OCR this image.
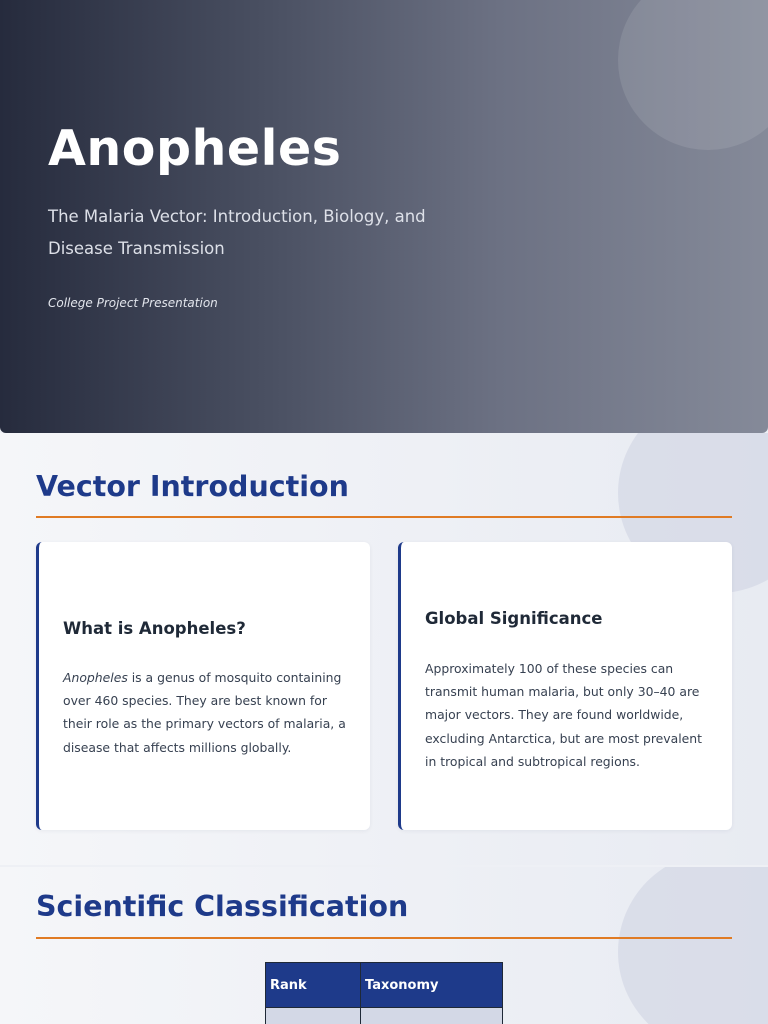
Anopheles

The Malaria Vector: Introduction, Biology, and Disease Transmission

College Project Presentation

Vector Introduction
What is Anopheles?

Anopheles is a genus of mosquito containing over 460 species. They are best known for their role as the primary vectors of malaria, a disease that affects millions globally.

Global Significance

Approximately 100 of these species can transmit human malaria, but only 30–40 are major vectors. They are found worldwide, excluding Antarctica, but are most prevalent in tropical and subtropical regions.

Scientific Classification
Rank	Taxonomy
